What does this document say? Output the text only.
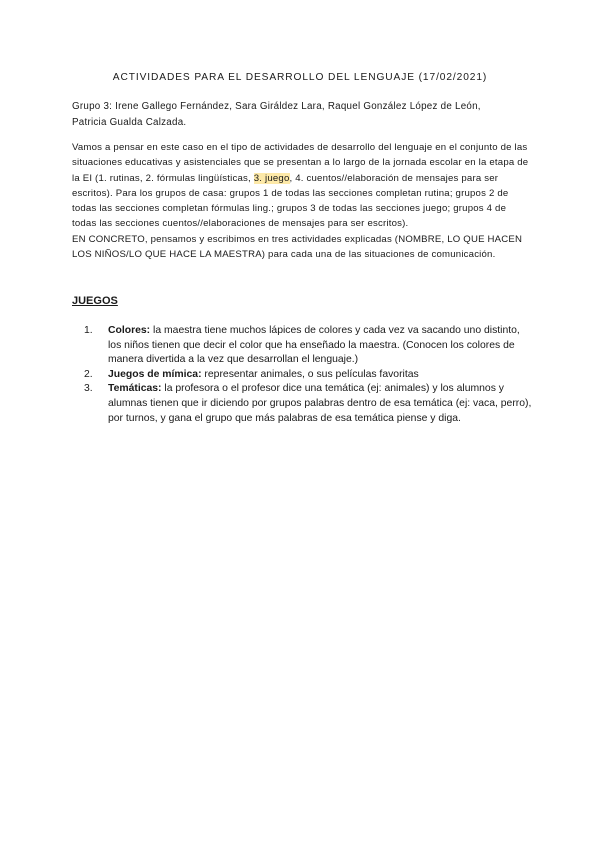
ACTIVIDADES PARA EL DESARROLLO DEL LENGUAJE (17/02/2021)
Grupo 3: Irene Gallego Fernández, Sara Giráldez Lara, Raquel González López de León,
Patricia Gualda Calzada.

Vamos a pensar en este caso en el tipo de actividades de desarrollo del lenguaje en el conjunto de las situaciones educativas y asistenciales que se presentan a lo largo de la jornada escolar en la etapa de la EI (1. rutinas, 2. fórmulas lingüísticas, 3. juego, 4. cuentos//elaboración de mensajes para ser escritos). Para los grupos de casa: grupos 1 de todas las secciones completan rutina; grupos 2 de todas las secciones completan fórmulas ling.; grupos 3 de todas las secciones juego; grupos 4 de todas las secciones cuentos//elaboraciones de mensajes para ser escritos).

EN CONCRETO, pensamos y escribimos en tres actividades explicadas (NOMBRE, LO QUE HACEN LOS NIÑOS/LO QUE HACE LA MAESTRA) para cada una de las situaciones de comunicación.

JUEGOS
1. Colores: la maestra tiene muchos lápices de colores y cada vez va sacando uno distinto, los niños tienen que decir el color que ha enseñado la maestra. (Conocen los colores de manera divertida a la vez que desarrollan el lenguaje.)
2. Juegos de mímica: representar animales, o sus películas favoritas
3. Temáticas: la profesora o el profesor dice una temática (ej: animales) y los alumnos y alumnas tienen que ir diciendo por grupos palabras dentro de esa temática (ej: vaca, perro), por turnos, y gana el grupo que más palabras de esa temática piense y diga.
